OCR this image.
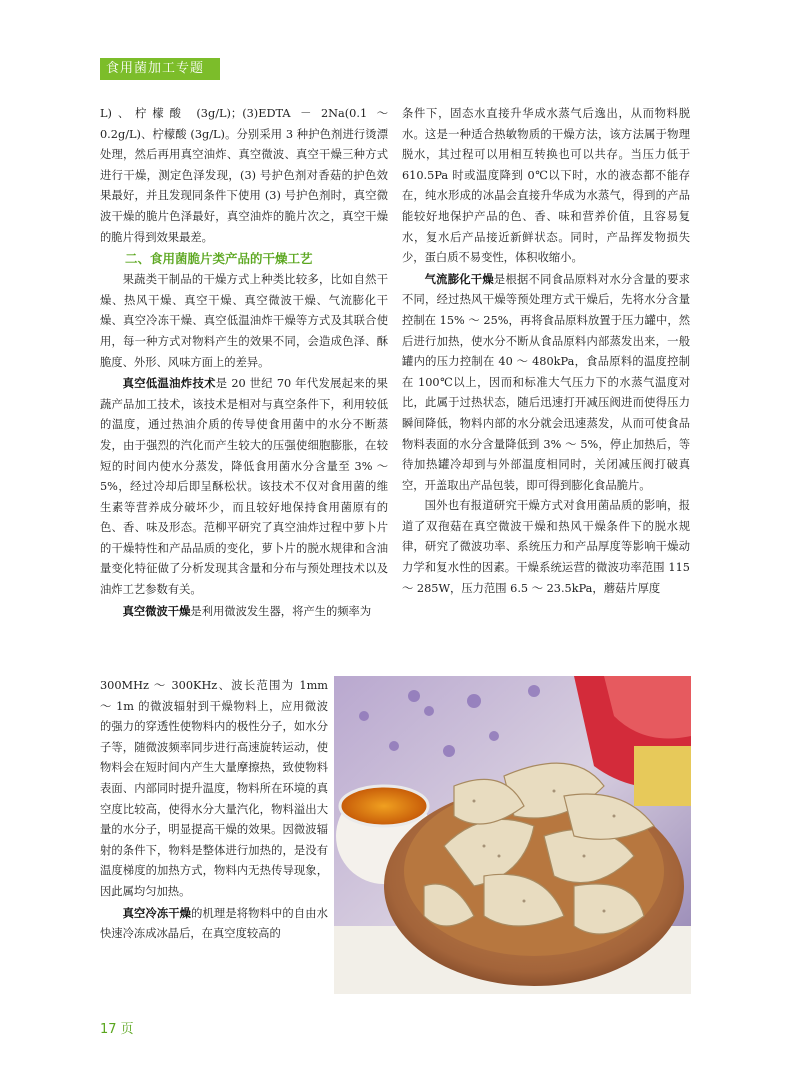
食用菌加工专题

L)、柠檬酸 (3g/L)；(3)EDTA － 2Na(0.1 ～ 0.2g/L)、柠檬酸 (3g/L)。分别采用 3 种护色剂进行烫漂处理，然后再用真空油炸、真空微波、真空干燥三种方式进行干燥，测定色泽发现，(3) 号护色剂对香菇的护色效果最好，并且发现同条件下使用 (3) 号护色剂时，真空微波干燥的脆片色泽最好，真空油炸的脆片次之，真空干燥的脆片得到效果最差。

二、食用菌脆片类产品的干燥工艺

果蔬类干制品的干燥方式上种类比较多，比如自然干燥、热风干燥、真空干燥、真空微波干燥、气流膨化干燥、真空冷冻干燥、真空低温油炸干燥等方式及其联合使用，每一种方式对物料产生的效果不同，会造成色泽、酥脆度、外形、风味方面上的差异。

真空低温油炸技术是 20 世纪 70 年代发展起来的果蔬产品加工技术，该技术是相对与真空条件下，利用较低的温度，通过热油介质的传导使食用菌中的水分不断蒸发，由于强烈的汽化而产生较大的压强使细胞膨胀，在较短的时间内使水分蒸发，降低食用菌水分含量至 3% ～ 5%，经过冷却后即呈酥松状。该技术不仅对食用菌的维生素等营养成分破坏少，而且较好地保持食用菌原有的色、香、味及形态。范柳平研究了真空油炸过程中萝卜片的干燥特性和产品品质的变化，萝卜片的脱水规律和含油量变化特征做了分析发现其含量和分布与预处理技术以及油炸工艺参数有关。

真空微波干燥是利用微波发生器，将产生的频率为

300MHz ～ 300KHz、波长范围为 1mm ～ 1m 的微波辐射到干燥物料上，应用微波的强力的穿透性使物料内的极性分子，如水分子等，随微波频率同步进行高速旋转运动，使物料会在短时间内产生大量摩擦热，致使物料表面、内部同时提升温度，物料所在环境的真空度比较高，使得水分大量汽化，物料溢出大量的水分子，明显提高干燥的效果。因微波辐射的条件下，物料是整体进行加热的，是没有温度梯度的加热方式，物料内无热传导现象，因此属均匀加热。

真空冷冻干燥的机理是将物料中的自由水快速冷冻成冰晶后，在真空度较高的

条件下，固态水直接升华成水蒸气后逸出，从而物料脱水。这是一种适合热敏物质的干燥方法，该方法属于物理脱水，其过程可以用相互转换也可以共存。当压力低于 610.5Pa 时或温度降到 0℃以下时，水的液态都不能存在，纯水形成的冰晶会直接升华成为水蒸气，得到的产品能较好地保护产品的色、香、味和营养价值，且容易复水，复水后产品接近新鲜状态。同时，产品挥发物损失少，蛋白质不易变性，体积收缩小。

气流膨化干燥是根据不同食品原料对水分含量的要求不同，经过热风干燥等预处理方式干燥后，先将水分含量控制在 15% ～ 25%，再将食品原料放置于压力罐中，然后进行加热，使水分不断从食品原料内部蒸发出来，一般罐内的压力控制在 40 ～ 480kPa，食品原料的温度控制在 100℃以上，因而和标准大气压力下的水蒸气温度对比，此属于过热状态，随后迅速打开减压阀进而使得压力瞬间降低，物料内部的水分就会迅速蒸发，从而可使食品物料表面的水分含量降低到 3% ～ 5%，停止加热后，等待加热罐冷却到与外部温度相同时，关闭减压阀打破真空，开盖取出产品包装，即可得到膨化食品脆片。

国外也有报道研究干燥方式对食用菌品质的影响，报道了双孢菇在真空微波干燥和热风干燥条件下的脱水规律，研究了微波功率、系统压力和产品厚度等影响干燥动力学和复水性的因素。干燥系统运营的微波功率范围 115 ～ 285W，压力范围 6.5 ～ 23.5kPa，蘑菇片厚度

17 页
